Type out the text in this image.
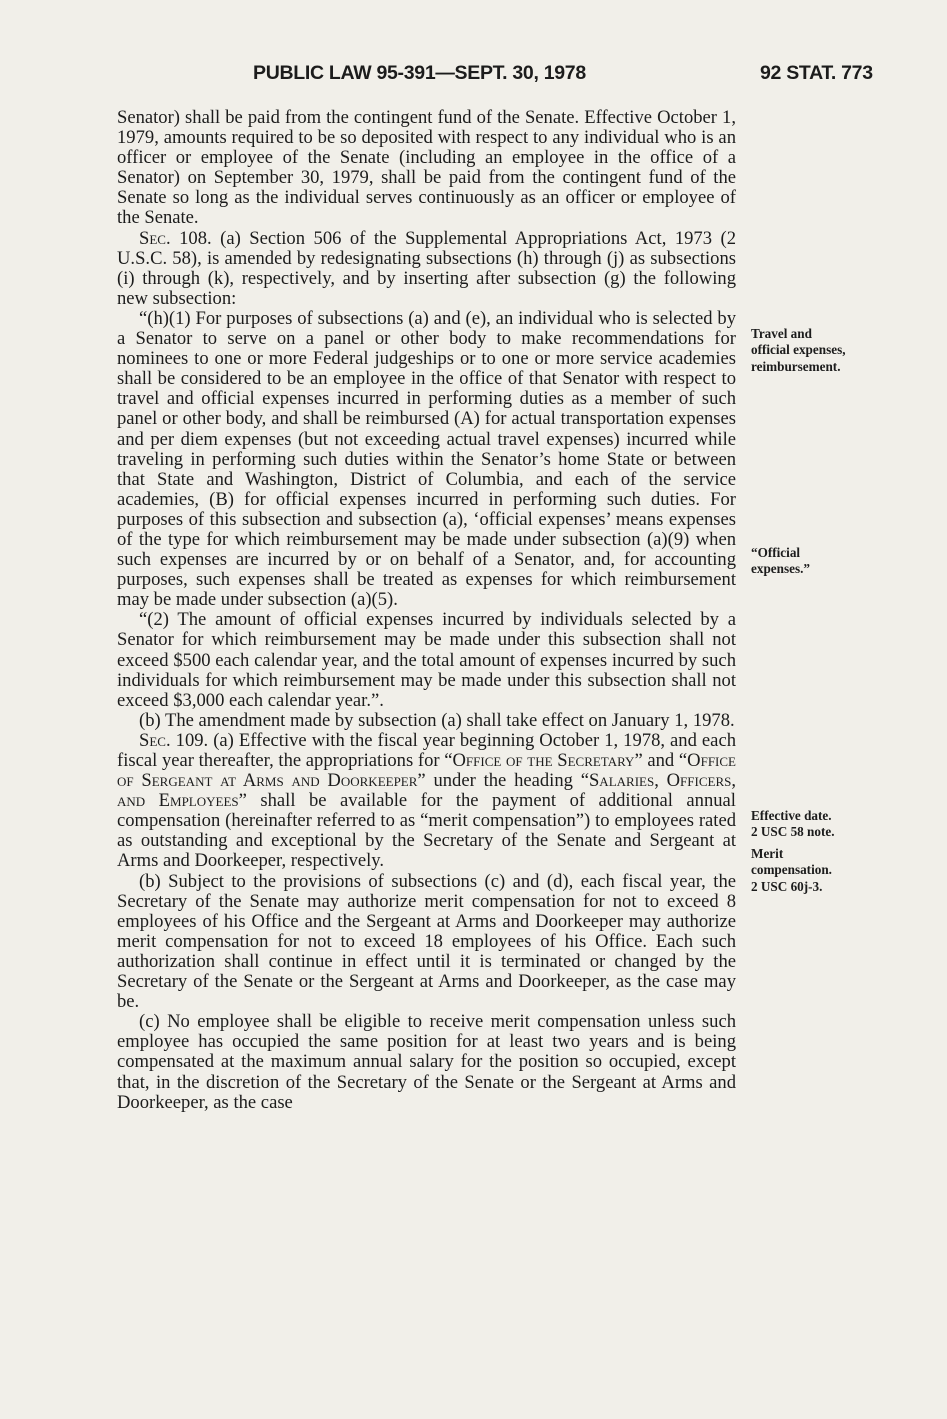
PUBLIC LAW 95-391—SEPT. 30, 1978	92 STAT. 773

Senator) shall be paid from the contingent fund of the Senate. Effective October 1, 1979, amounts required to be so deposited with respect to any individual who is an officer or employee of the Senate (including an employee in the office of a Senator) on September 30, 1979, shall be paid from the contingent fund of the Senate so long as the individual serves continuously as an officer or employee of the Senate.

Sec. 108. (a) Section 506 of the Supplemental Appropriations Act, 1973 (2 U.S.C. 58), is amended by redesignating subsections (h) through (j) as subsections (i) through (k), respectively, and by inserting after subsection (g) the following new subsection:

“(h)(1) For purposes of subsections (a) and (e), an individual who is selected by a Senator to serve on a panel or other body to make recommendations for nominees to one or more Federal judgeships or to one or more service academies shall be considered to be an employee in the office of that Senator with respect to travel and official expenses incurred in performing duties as a member of such panel or other body, and shall be reimbursed (A) for actual transportation expenses and per diem expenses (but not exceeding actual travel expenses) incurred while traveling in performing such duties within the Senator’s home State or between that State and Washington, District of Columbia, and each of the service academies, (B) for official expenses incurred in performing such duties. For purposes of this subsection and subsection (a), ‘official expenses’ means expenses of the type for which reimbursement may be made under subsection (a)(9) when such expenses are incurred by or on behalf of a Senator, and, for accounting purposes, such expenses shall be treated as expenses for which reimbursement may be made under subsection (a)(5).

“(2) The amount of official expenses incurred by individuals selected by a Senator for which reimbursement may be made under this subsection shall not exceed $500 each calendar year, and the total amount of expenses incurred by such individuals for which reimbursement may be made under this subsection shall not exceed $3,000 each calendar year.”.

(b) The amendment made by subsection (a) shall take effect on January 1, 1978.

Sec. 109. (a) Effective with the fiscal year beginning October 1, 1978, and each fiscal year thereafter, the appropriations for “Office of the Secretary” and “Office of Sergeant at Arms and Doorkeeper” under the heading “Salaries, Officers, and Employees” shall be available for the payment of additional annual compensation (hereinafter referred to as “merit compensation”) to employees rated as outstanding and exceptional by the Secretary of the Senate and Sergeant at Arms and Doorkeeper, respectively.

(b) Subject to the provisions of subsections (c) and (d), each fiscal year, the Secretary of the Senate may authorize merit compensation for not to exceed 8 employees of his Office and the Sergeant at Arms and Doorkeeper may authorize merit compensation for not to exceed 18 employees of his Office. Each such authorization shall continue in effect until it is terminated or changed by the Secretary of the Senate or the Sergeant at Arms and Doorkeeper, as the case may be.

(c) No employee shall be eligible to receive merit compensation unless such employee has occupied the same position for at least two years and is being compensated at the maximum annual salary for the position so occupied, except that, in the discretion of the Secretary of the Senate or the Sergeant at Arms and Doorkeeper, as the case

Travel and
official expenses,
reimbursement.
“Official
expenses.”
Effective date.
2 USC 58 note.
Merit
compensation.
2 USC 60j-3.
